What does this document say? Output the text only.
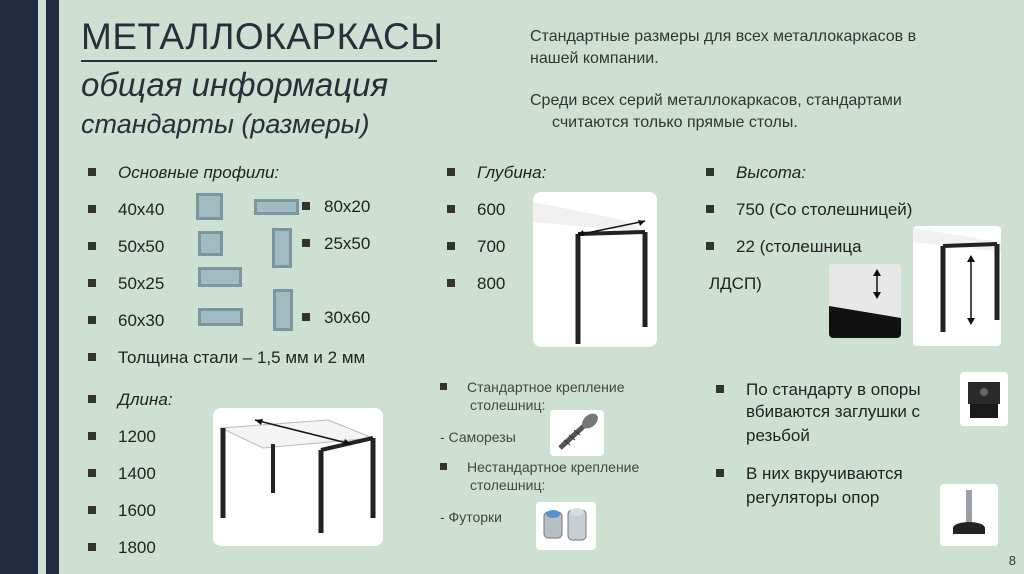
МЕТАЛЛОКАРКАСЫ
общая информация
стандарты (размеры)
Стандартные размеры для всех металлокаркасов в
нашей компании.
Среди всех серий металлокаркасов, стандартами
считаются только прямые столы.
Основные профили:
40x40
50x50
50x25
60x30
Толщина стали – 1,5 мм и 2 мм
80x20
25x50
30x60
Длина:
1200
1400
1600
1800
Глубина:
600
700
800
Высота:
750 (Со столешницей)
22 (столешница
ЛДСП)
Стандартное крепление
столешниц:
- Саморезы
Нестандартное крепление
столешниц:
- Футорки
По стандарту в опоры
вбиваются заглушки с
резьбой
В них вкручиваются
регуляторы опор
8
